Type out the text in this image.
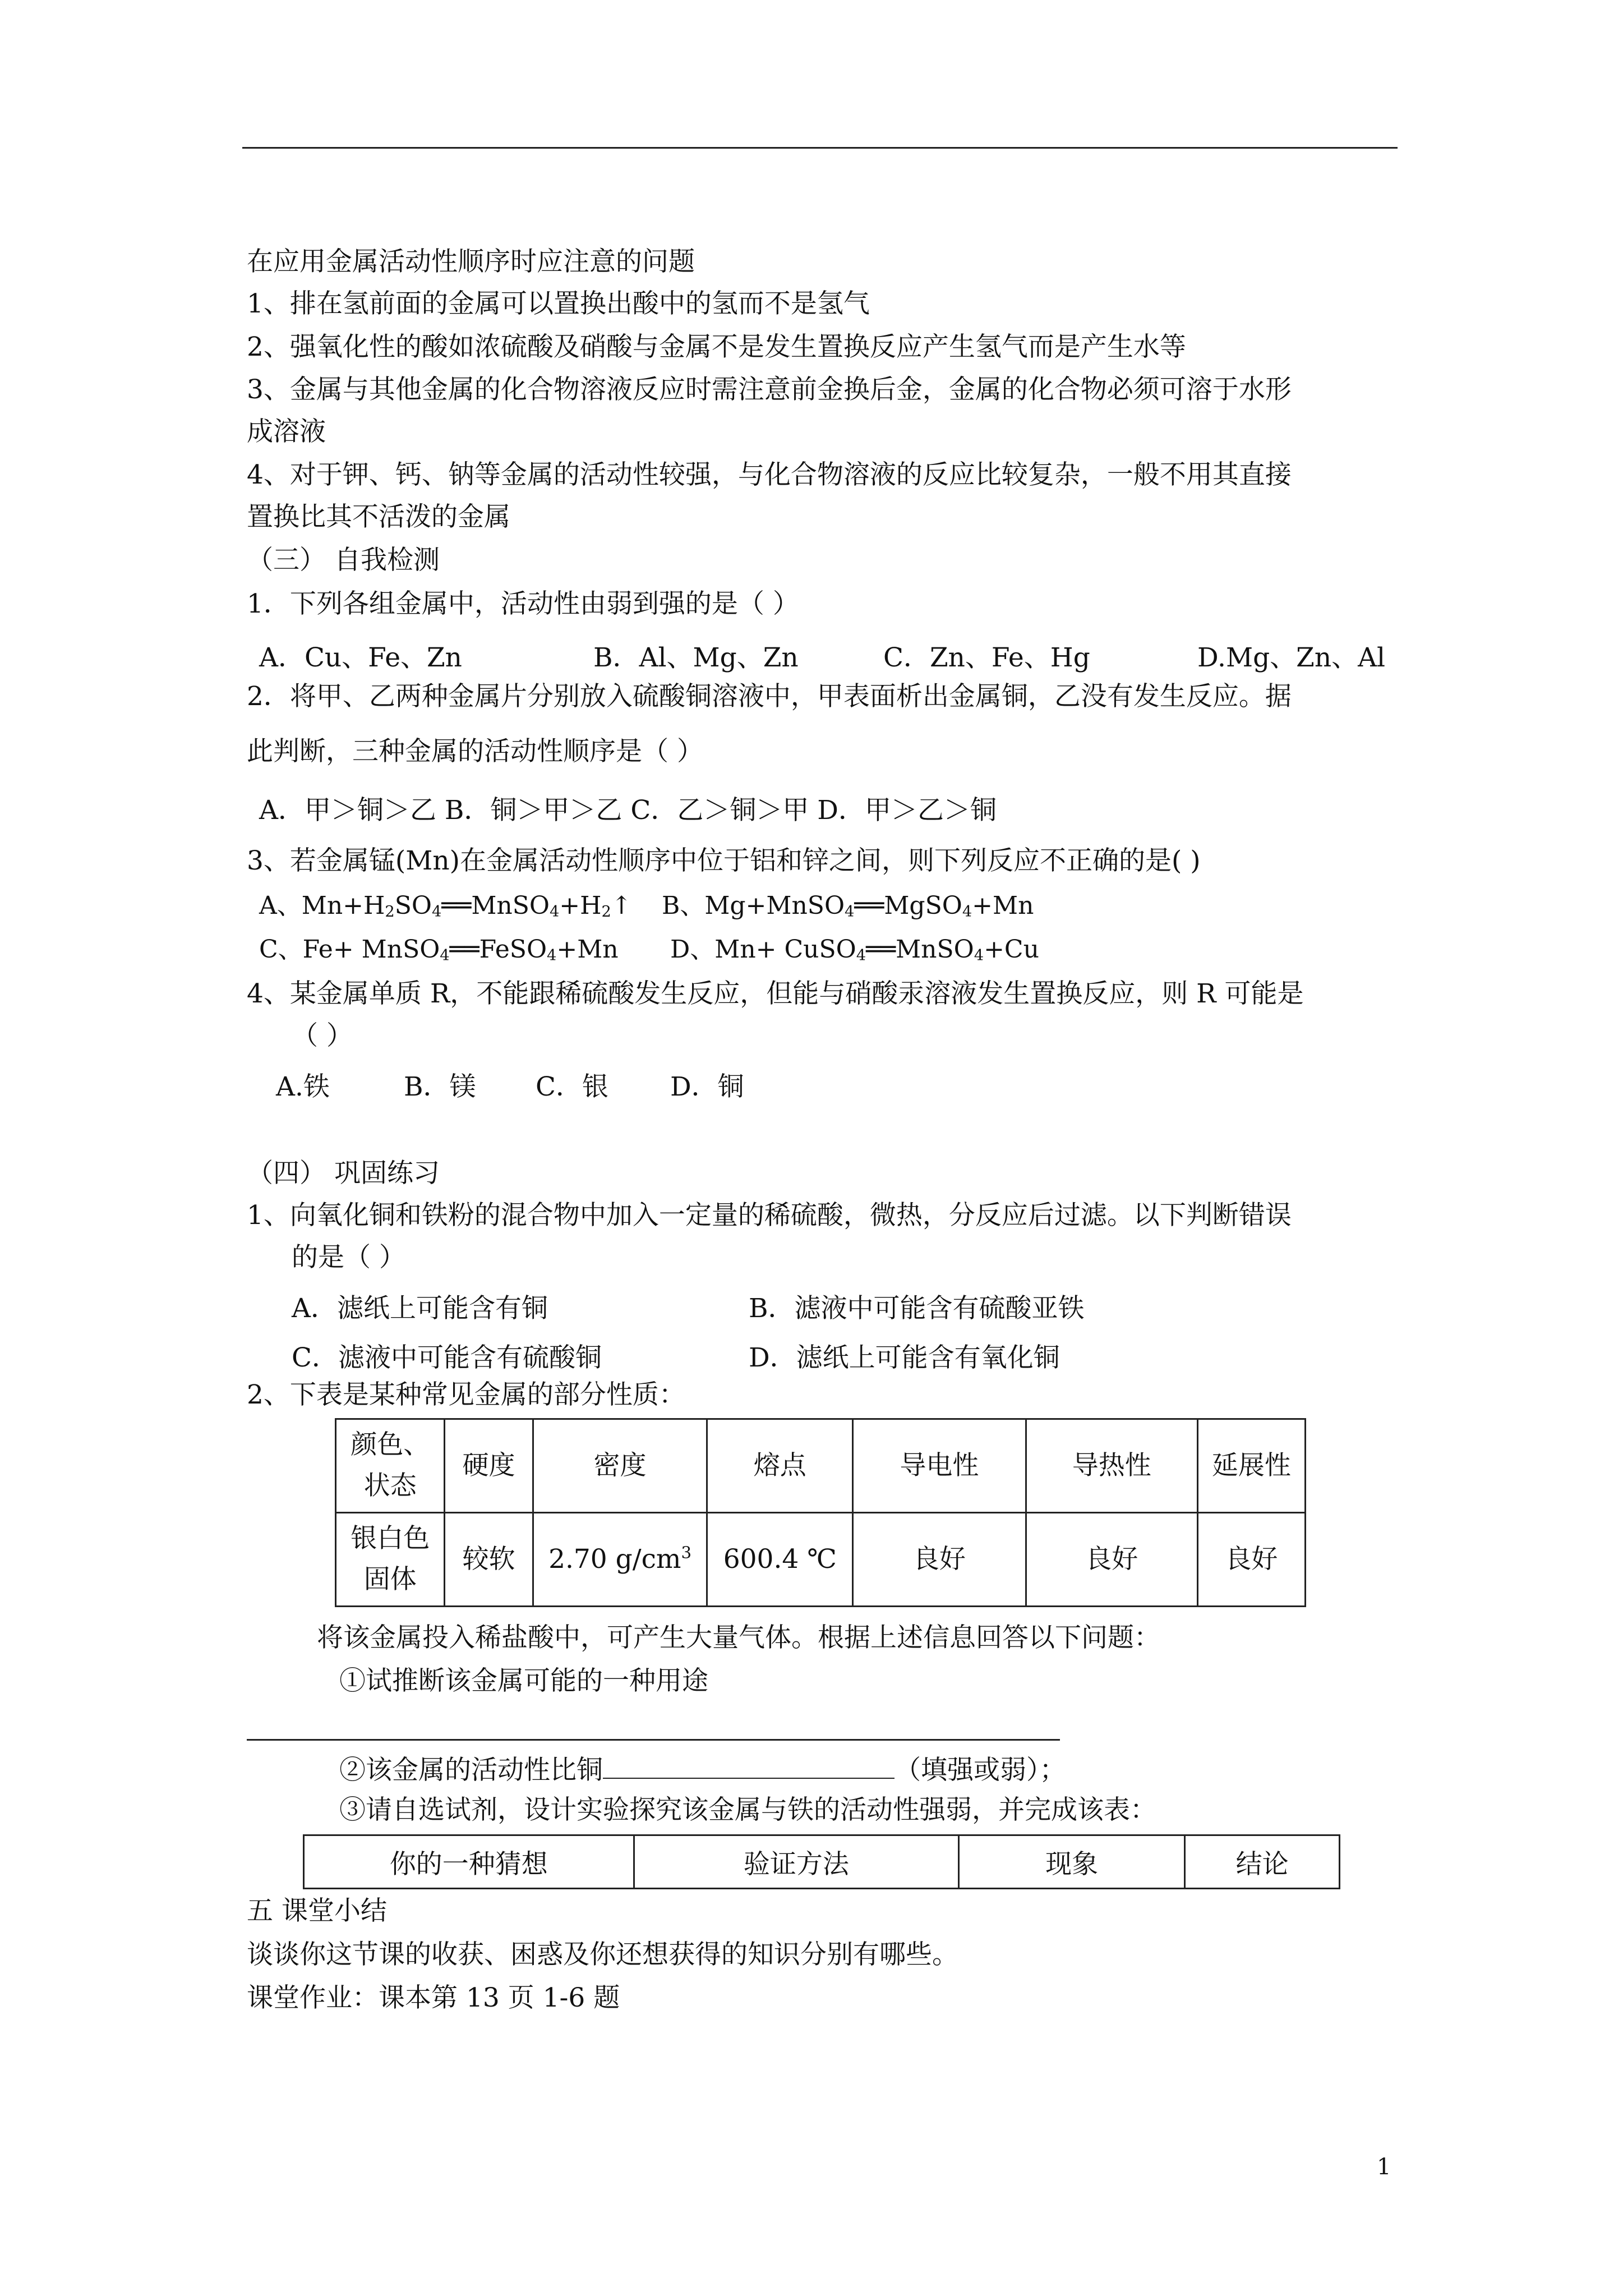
在应用金属活动性顺序时应注意的问题
1、排在氢前面的金属可以置换出酸中的氢而不是氢气
2、强氧化性的酸如浓硫酸及硝酸与金属不是发生置换反应产生氢气而是产生水等
3、金属与其他金属的化合物溶液反应时需注意前金换后金，金属的化合物必须可溶于水形
成溶液
4、对于钾、钙、钠等金属的活动性较强，与化合物溶液的反应比较复杂，一般不用其直接
置换比其不活泼的金属
（三） 自我检测
1．下列各组金属中，活动性由弱到强的是（ ）
A．Cu、Fe、Zn	B．Al、Mg、Zn	C．Zn、Fe、Hg	D.Mg、Zn、Al
2．将甲、乙两种金属片分别放入硫酸铜溶液中，甲表面析出金属铜，乙没有发生反应。据
此判断，三种金属的活动性顺序是（ ）
A．甲＞铜＞乙 B．铜＞甲＞乙 C．乙＞铜＞甲 D．甲＞乙＞铜
3、若金属锰(Mn)在金属活动性顺序中位于铝和锌之间，则下列反应不正确的是( )
A、$Mn+H_2SO_4══MnSO_4+H_2↑$ B、Mg+MnSO$_4$══MgSO$_4$+Mn
C、Fe+ MnSO$_4$══FeSO$_4$+Mn D、Mn+ CuSO$_4$══MnSO$_4$+Cu
4、某金属单质 R，不能跟稀硫酸发生反应，但能与硝酸汞溶液发生置换反应，则 R 可能是
（ ）
A.铁	B．镁 C．银 D．铜
（四） 巩固练习
1、向氧化铜和铁粉的混合物中加入一定量的稀硫酸，微热，分反应后过滤。以下判断错误
的是（ ）
A．滤纸上可能含有铜	B．滤液中可能含有硫酸亚铁
C．滤液中可能含有硫酸铜	D．滤纸上可能含有氧化铜
2、下表是某种常见金属的部分性质：
颜色、状态	硬度	密度	熔点	导电性	导热性	延展性
银白色固体	较软	2.70 $g/cm^3$	600.4 ℃	良好	良好	良好
将该金属投入稀盐酸中，可产生大量气体。根据上述信息回答以下问题：
①试推断该金属可能的一种用途
②该金属的活动性比铜	（填强或弱）；
③请自选试剂，设计实验探究该金属与铁的活动性强弱，并完成该表：
你的一种猜想	验证方法	现象	结论
五 课堂小结
谈谈你这节课的收获、困惑及你还想获得的知识分别有哪些。
课堂作业：课本第 13 页 1-6 题
1
